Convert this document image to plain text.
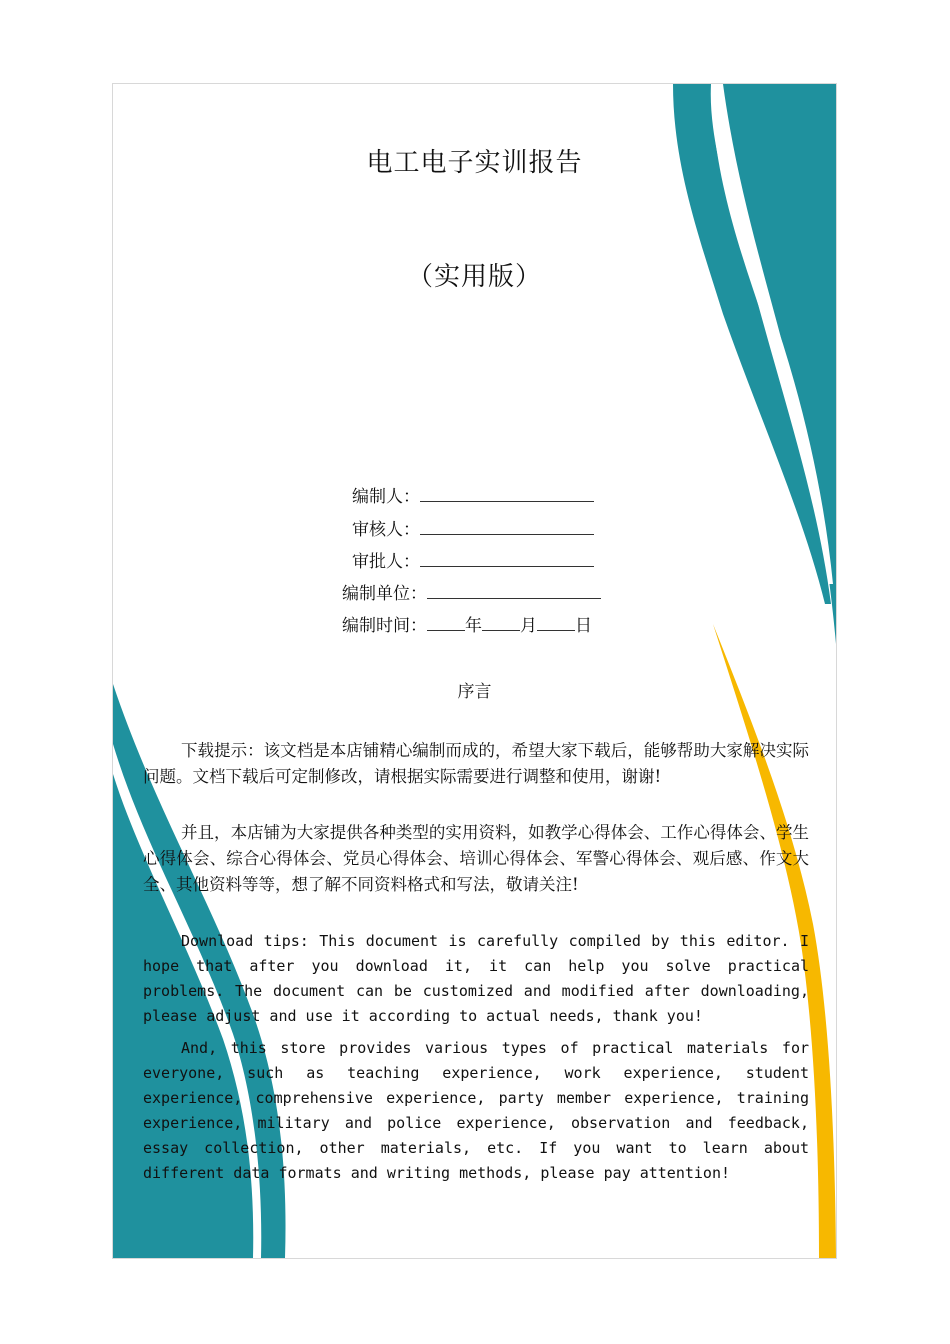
电工电子实训报告
（实用版）
编制人：
审核人：
审批人：
编制单位：
编制时间： 年 月 日
序言

下载提示：该文档是本店铺精心编制而成的，希望大家下载后，能够帮助大家解决实际问题。文档下载后可定制修改，请根据实际需要进行调整和使用，谢谢!

并且，本店铺为大家提供各种类型的实用资料，如教学心得体会、工作心得体会、学生心得体会、综合心得体会、党员心得体会、培训心得体会、军警心得体会、观后感、作文大全、其他资料等等，想了解不同资料格式和写法，敬请关注!

Download tips: This document is carefully compiled by this editor. I hope that after you download it, it can help you solve practical problems. The document can be customized and modified after downloading, please adjust and use it according to actual needs, thank you!

And, this store provides various types of practical materials for everyone, such as teaching experience, work experience, student experience, comprehensive experience, party member experience, training experience, military and police experience, observation and feedback, essay collection, other materials, etc. If you want to learn about different data formats and writing methods, please pay attention!
